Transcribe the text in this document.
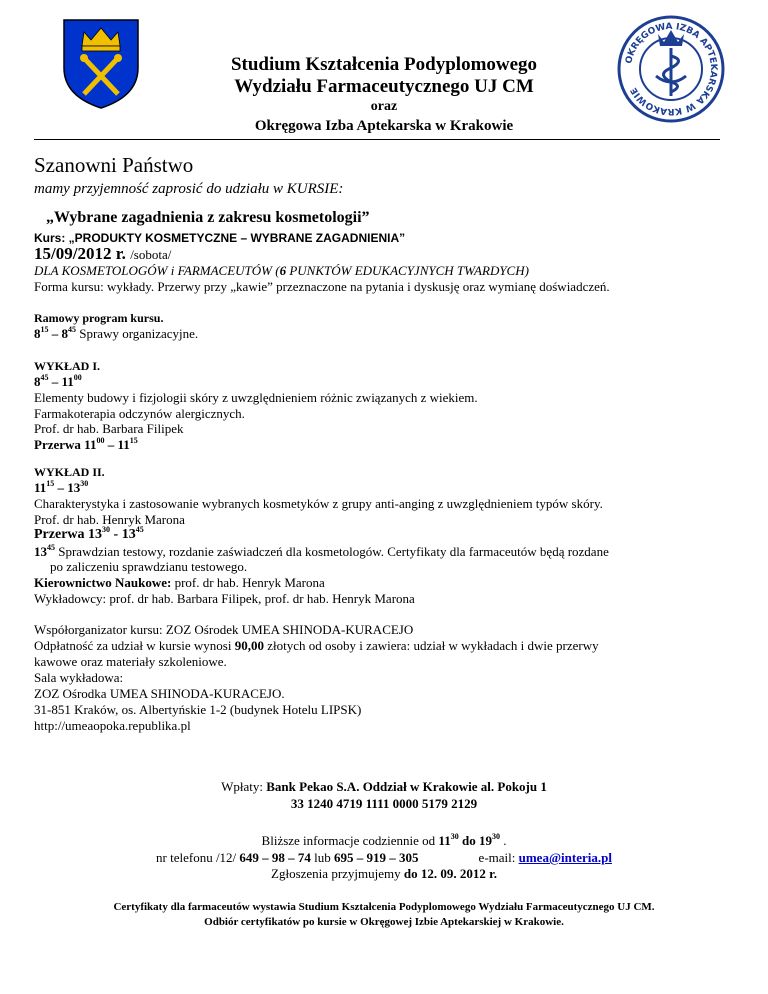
Studium Kształcenia Podyplomowego
Wydziału Farmaceutycznego UJ CM
oraz
Okręgowa Izba Aptekarska w Krakowie
OKRĘGOWA IZBA APTEKARSKA W KRAKOWIE
Szanowni Państwo
mamy przyjemność zaprosić do udziału w KURSIE:
„Wybrane zagadnienia z zakresu kosmetologii”
Kurs: „PRODUKTY KOSMETYCZNE – WYBRANE ZAGADNIENIA”
15/09/2012 r. /sobota/
DLA KOSMETOLOGÓW i FARMACEUTÓW (6 PUNKTÓW EDUKACYJNYCH TWARDYCH)
Forma kursu: wykłady. Przerwy przy „kawie” przeznaczone na pytania i dyskusję oraz wymianę doświadczeń.
Ramowy program kursu.
$8^{15} - 8^{45}$ Sprawy organizacyjne.
WYKŁAD I.
$8^{45} - 11^{00}$
Elementy budowy i fizjologii skóry z uwzględnieniem różnic związanych z wiekiem.
Farmakoterapia odczynów alergicznych.
Prof. dr hab. Barbara Filipek
Przerwa $11^{00} - 11^{15}$
WYKŁAD II.
$11^{15} - 13^{30}$
Charakterystyka i zastosowanie wybranych kosmetyków z grupy anti-anging z uwzględnieniem typów skóry.
Prof. dr hab. Henryk Marona
Przerwa $13^{30} - 13^{45}$
$13^{45}$ Sprawdzian testowy, rozdanie zaświadczeń dla kosmetologów. Certyfikaty dla farmaceutów będą rozdane
po zaliczeniu sprawdzianu testowego.
Kierownictwo Naukowe: prof. dr hab. Henryk Marona
Wykładowcy: prof. dr hab. Barbara Filipek, prof. dr hab. Henryk Marona
Współorganizator kursu: ZOZ Ośrodek UMEA SHINODA-KURACEJO
Odpłatność za udział w kursie wynosi 90,00 złotych od osoby i zawiera: udział w wykładach i dwie przerwy
kawowe oraz materiały szkoleniowe.
Sala wykładowa:
ZOZ Ośrodka UMEA SHINODA-KURACEJO.
31-851 Kraków, os. Albertyńskie 1-2 (budynek Hotelu LIPSK)
http://umeaopoka.republika.pl
Wpłaty: Bank Pekao S.A. Oddział w Krakowie al. Pokoju 1
33 1240 4719 1111 0000 5179 2129
Bliższe informacje codziennie od $11^{30}$ do $19^{30}$ .
nr telefonu /12/ 649 – 98 – 74 lub 695 – 919 – 305	e-mail: umea@interia.pl
Zgłoszenia przyjmujemy do 12. 09. 2012 r.
Certyfikaty dla farmaceutów wystawia Studium Kształcenia Podyplomowego Wydziału Farmaceutycznego UJ CM.
Odbiór certyfikatów po kursie w Okręgowej Izbie Aptekarskiej w Krakowie.
